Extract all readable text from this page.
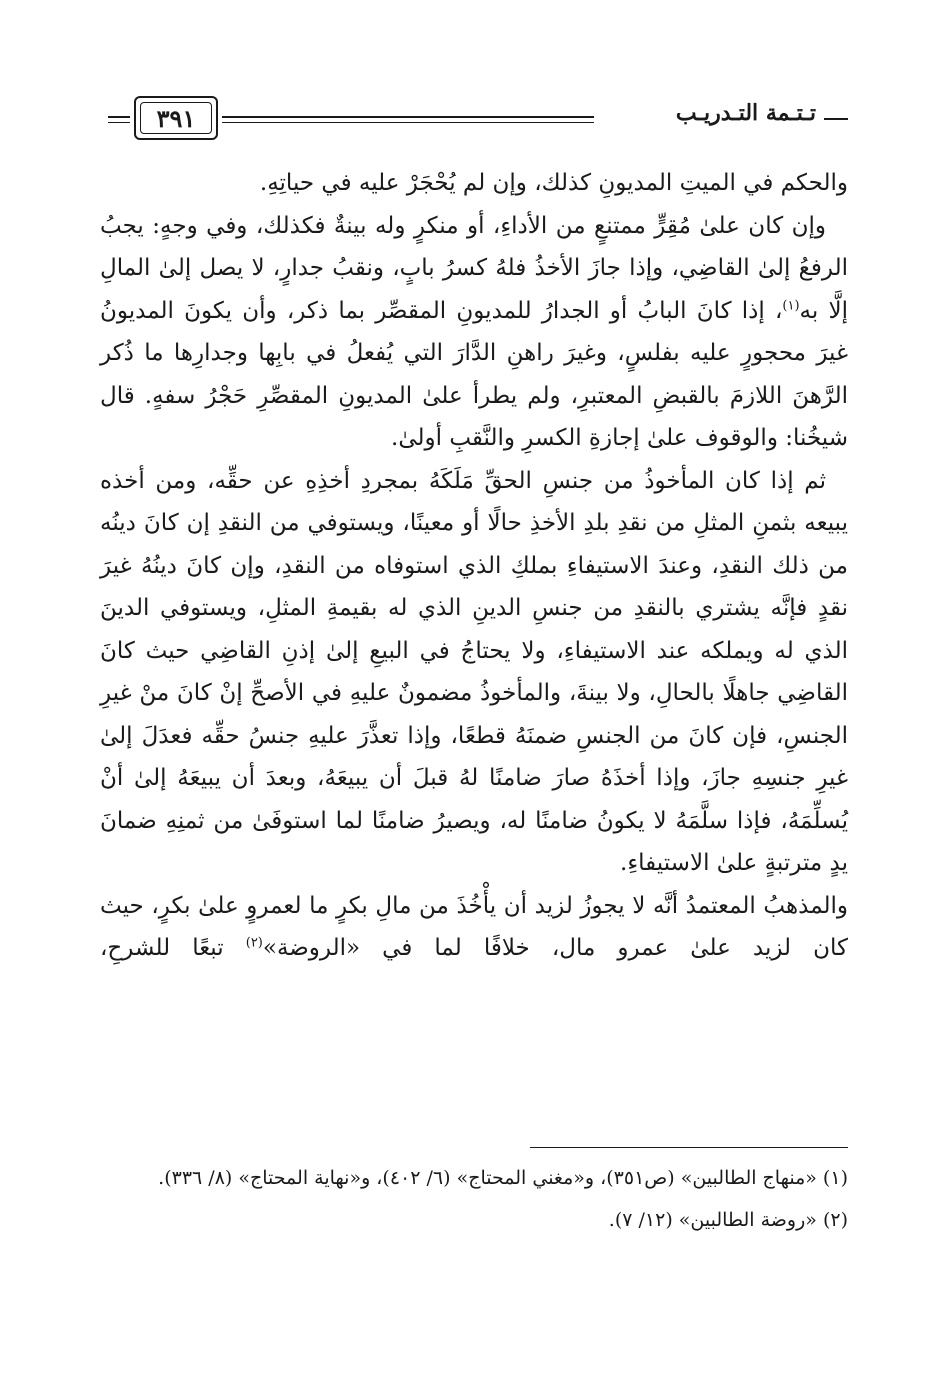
٣٩١	تـتـمة التـدريـب

والحكم في الميتِ المديونِ كذلك، وإن لم يُحْجَرْ عليه في حياتِهِ.

وإن كان علىٰ مُقِرٍّ ممتنعٍ من الأداءِ، أو منكرٍ وله بينةٌ فكذلك، وفي وجهٍ: يجبُ الرفعُ إلىٰ القاضِي، وإذا جازَ الأخذُ فلهُ كسرُ بابٍ، ونقبُ جدارٍ، لا يصل إلىٰ المالِ إلَّا به$^{(١)}$، إذا كانَ البابُ أو الجدارُ للمديونِ المقصِّر بما ذكر، وأن يكونَ المديونُ غيرَ محجورٍ عليه بفلسٍ، وغيرَ راهنِ الدَّارَ التي يُفعلُ في بابِها وجدارِها ما ذُكر الرَّهنَ اللازمَ بالقبضِ المعتبرِ، ولم يطرأ علىٰ المديونِ المقصِّرِ حَجْرُ سفهٍ. قال شيخُنا: والوقوف علىٰ إجازةِ الكسرِ والنَّقبِ أولىٰ.

ثم إذا كان المأخوذُ من جنسِ الحقِّ مَلَكَهُ بمجردِ أخذِهِ عن حقِّه، ومن أخذه يبيعه بثمنِ المثلِ من نقدِ بلدِ الأخذِ حالًا أو معينًا، ويستوفي من النقدِ إن كانَ دينُه من ذلك النقدِ، وعندَ الاستيفاءِ بملكِ الذي استوفاه من النقدِ، وإن كانَ دينُهُ غيرَ نقدٍ فإنَّه يشتري بالنقدِ من جنسِ الدينِ الذي له بقيمةِ المثلِ، ويستوفي الدينَ الذي له ويملكه عند الاستيفاءِ، ولا يحتاجُ في البيعِ إلىٰ إذنِ القاضِي حيث كانَ القاضِي جاهلًا بالحالِ، ولا بينةَ، والمأخوذُ مضمونٌ عليهِ في الأصحِّ إنْ كانَ منْ غيرِ الجنسِ، فإن كانَ من الجنسِ ضمنَهُ قطعًا، وإذا تعذَّرَ عليهِ جنسُ حقِّه فعدَلَ إلىٰ غيرِ جنسِهِ جازَ، وإذا أخذَهُ صارَ ضامنًا لهُ قبلَ أن يبيعَهُ، وبعدَ أن يبيعَهُ إلىٰ أنْ يُسلِّمَهُ، فإذا سلَّمَهُ لا يكونُ ضامنًا له، ويصيرُ ضامنًا لما استوفَىٰ من ثمنِهِ ضمانَ يدٍ مترتبةٍ علىٰ الاستيفاءِ.

والمذهبُ المعتمدُ أنَّه لا يجوزُ لزيد أن يأْخُذَ من مالِ بكرٍ ما لعمروٍ علىٰ بكرٍ، حيث كان لزيد علىٰ عمرو مال، خلافًا لما في «الروضة»$^{(٢)}$ تبعًا للشرحِ،

(١) «منهاج الطالبين» (ص٣٥١)، و«مغني المحتاج» (٦/ ٤٠٢)، و«نهاية المحتاج» (٨/ ٣٣٦).

(٢) «روضة الطالبين» (١٢/ ٧).
